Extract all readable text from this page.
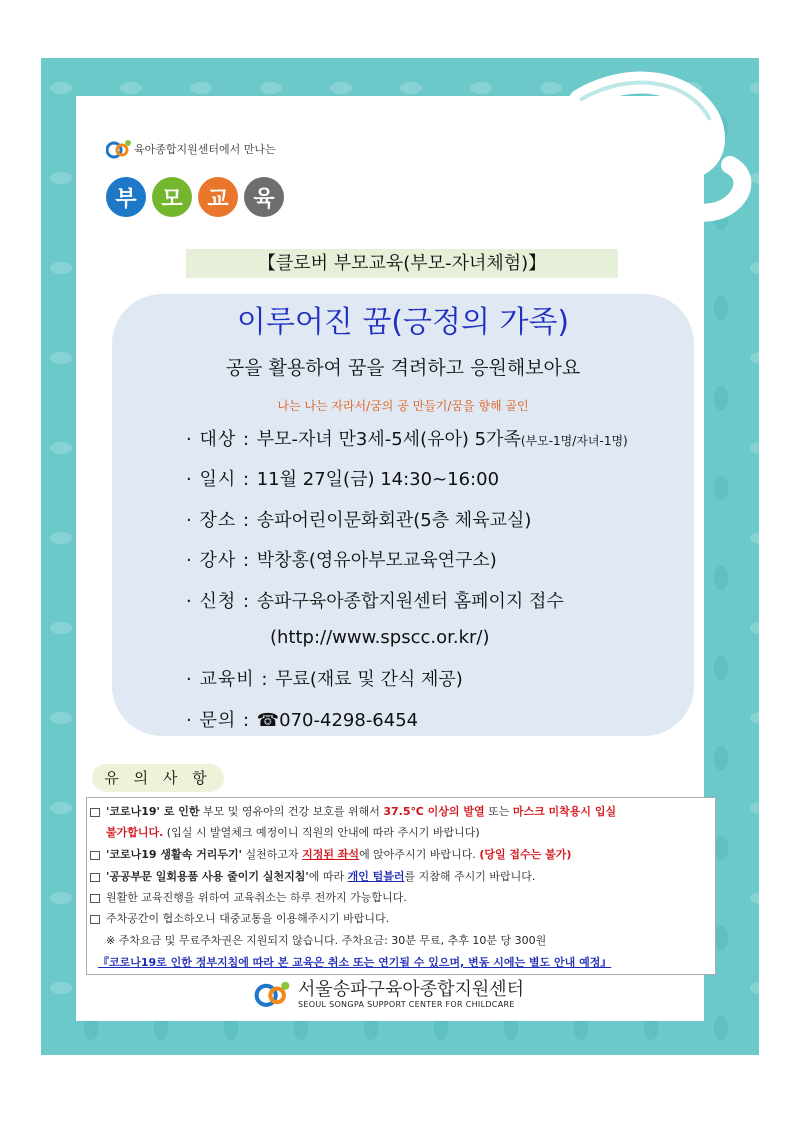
육아종합지원센터에서 만나는
부	모	교	육
【클로버 부모교육(부모-자녀체험)】
이루어진 꿈(긍정의 가족)
공을 활용하여 꿈을 격려하고 응원해보아요
나는 나는 자라서/굼의 공 만들기/꿈을 향해 골인
· 대상 : 부모-자녀 만3세-5세(유아) 5가족(부모-1명/자녀-1명)
· 일시 : 11월 27일(금) 14:30~16:00
· 장소 : 송파어린이문화회관(5층 체육교실)
· 강사 : 박창홍(영유아부모교육연구소)
· 신청 : 송파구육아종합지원센터 홈페이지 접수
(http://www.spscc.or.kr/)
· 교육비 : 무료(재료 및 간식 제공)
· 문의 : ☎070-4298-6454
유 의 사 항
'코로나19' 로 인한 부모 및 영유아의 건강 보호를 위해서 37.5℃ 이상의 발열 또는 마스크 미착용시 입실
불가합니다. (입실 시 발열체크 예정이니 직원의 안내에 따라 주시기 바랍니다)
'코로나19 생활속 거리두기' 실천하고자 지정된 좌석에 앉아주시기 바랍니다. (당일 접수는 불가)
'공공부문 일회용품 사용 줄이기 실천지침'에 따라 개인 텀블러를 지참해 주시기 바랍니다.
원활한 교육진행을 위하여 교육취소는 하루 전까지 가능합니다.
주차공간이 협소하오니 대중교통을 이용해주시기 바랍니다.
※ 주차요금 및 무료주차권은 지원되지 않습니다. 주차요금: 30분 무료, 추후 10분 당 300원
『코로나19로 인한 정부지침에 따라 본 교육은 취소 또는 연기될 수 있으며, 변동 시에는 별도 안내 예정』
서울송파구육아종합지원센터
SEOUL SONGPA SUPPORT CENTER FOR CHILDCARE
